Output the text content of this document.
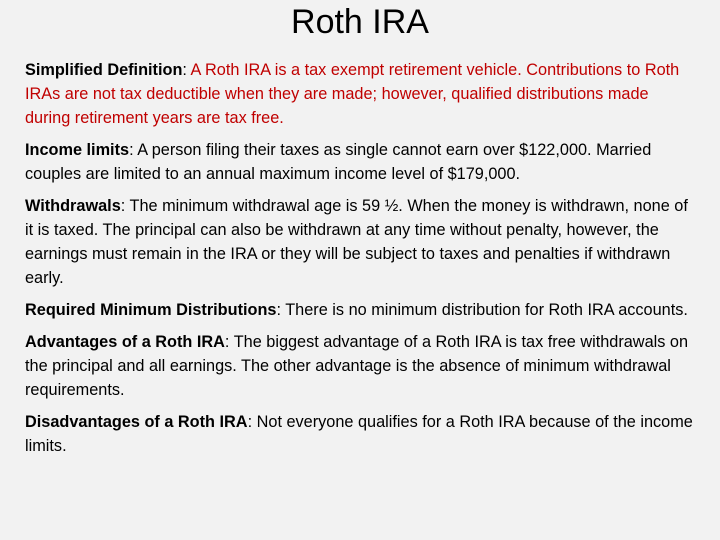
Roth IRA

Simplified Definition: A Roth IRA is a tax exempt retirement vehicle. Contributions to Roth IRAs are not tax deductible when they are made; however, qualified distributions made during retirement years are tax free.

Income limits: A person filing their taxes as single cannot earn over $122,000. Married couples are limited to an annual maximum income level of $179,000.

Withdrawals: The minimum withdrawal age is 59 ½. When the money is withdrawn, none of it is taxed. The principal can also be withdrawn at any time without penalty, however, the earnings must remain in the IRA or they will be subject to taxes and penalties if withdrawn early.

Required Minimum Distributions: There is no minimum distribution for Roth IRA accounts.

Advantages of a Roth IRA: The biggest advantage of a Roth IRA is tax free withdrawals on the principal and all earnings. The other advantage is the absence of minimum withdrawal requirements.

Disadvantages of a Roth IRA: Not everyone qualifies for a Roth IRA because of the income limits.
